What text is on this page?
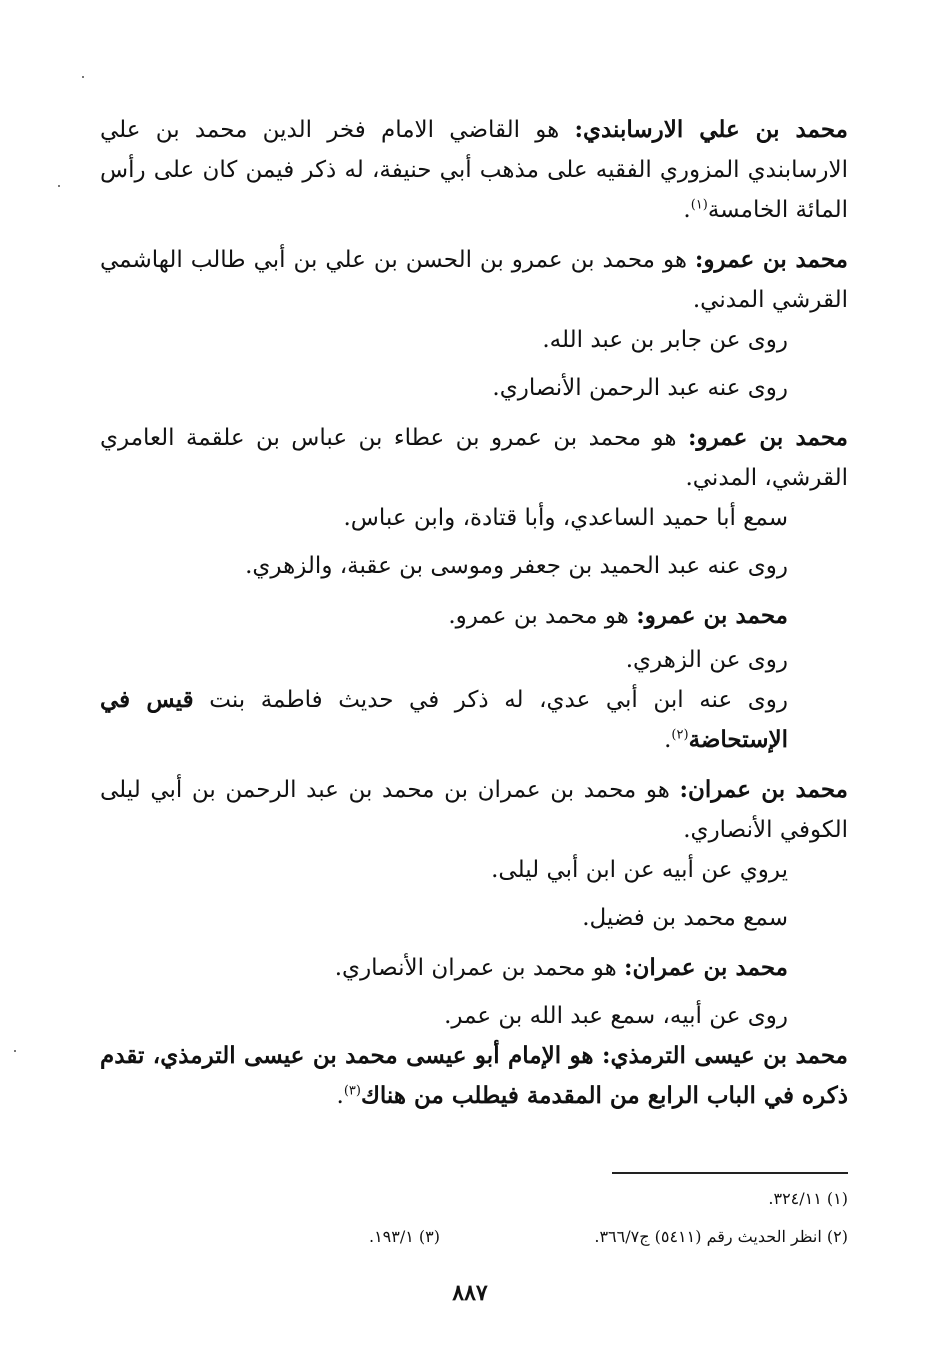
محمد بن علي الارسابندي: هو القاضي الامام فخر الدين محمد بن علي الارسابندي المزوري الفقيه على مذهب أبي حنيفة، له ذكر فيمن كان على رأس المائة الخامسة$^{(١)}$.

محمد بن عمرو: هو محمد بن عمرو بن الحسن بن علي بن أبي طالب الهاشمي القرشي المدني.

روى عن جابر بن عبد الله.

روى عنه عبد الرحمن الأنصاري.

محمد بن عمرو: هو محمد بن عمرو بن عطاء بن عباس بن علقمة العامري القرشي، المدني.

سمع أبا حميد الساعدي، وأبا قتادة، وابن عباس.

روى عنه عبد الحميد بن جعفر وموسى بن عقبة، والزهري.

محمد بن عمرو: هو محمد بن عمرو.

روى عن الزهري.

روى عنه ابن أبي عدي، له ذكر في حديث فاطمة بنت قيس في الإستحاضة$^{(٢)}$.

محمد بن عمران: هو محمد بن عمران بن محمد بن عبد الرحمن بن أبي ليلى الكوفي الأنصاري.

يروي عن أبيه عن ابن أبي ليلى.

سمع محمد بن فضيل.

محمد بن عمران: هو محمد بن عمران الأنصاري.

روى عن أبيه، سمع عبد الله بن عمر.

محمد بن عيسى الترمذي: هو الإمام أبو عيسى محمد بن عيسى الترمذي، تقدم ذكره في الباب الرابع من المقدمة فيطلب من هناك$^{(٣)}$.

(١) ٣٢٤/١١.
(٢) انظر الحديث رقم (٥٤١١) ج٣٦٦/٧.
(٣) ١٩٣/١.
٨٨٧
